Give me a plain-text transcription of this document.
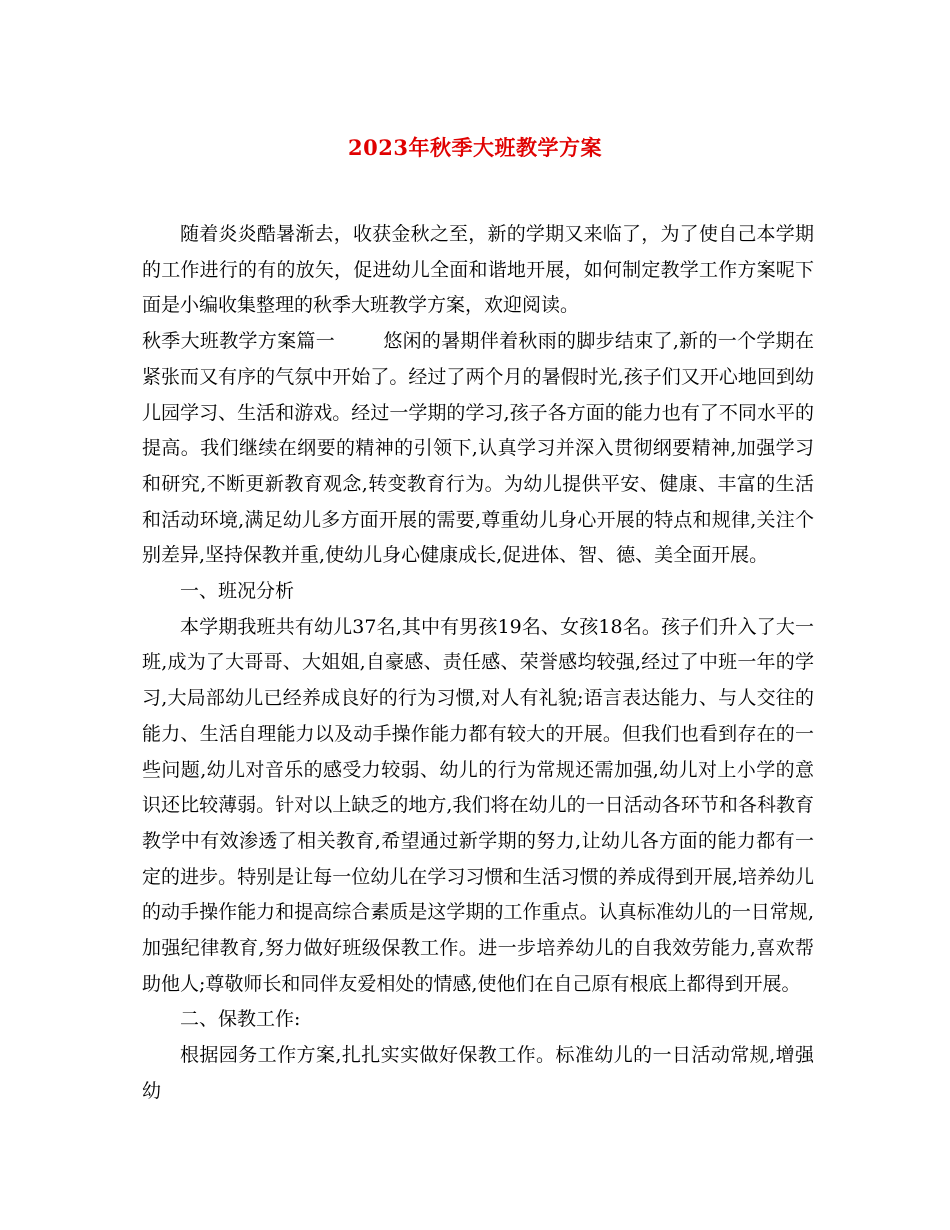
2023年秋季大班教学方案

随着炎炎酷暑渐去，收获金秋之至，新的学期又来临了，为了使自己本学期的工作进行的有的放矢，促进幼儿全面和谐地开展，如何制定教学工作方案呢下面是小编收集整理的秋季大班教学方案，欢迎阅读。

秋季大班教学方案篇一	悠闲的暑期伴着秋雨的脚步结束了,新的一个学期在紧张而又有序的气氛中开始了。经过了两个月的暑假时光,孩子们又开心地回到幼儿园学习、生活和游戏。经过一学期的学习,孩子各方面的能力也有了不同水平的提高。我们继续在纲要的精神的引领下,认真学习并深入贯彻纲要精神,加强学习和研究,不断更新教育观念,转变教育行为。为幼儿提供平安、健康、丰富的生活和活动环境,满足幼儿多方面开展的需要,尊重幼儿身心开展的特点和规律,关注个别差异,坚持保教并重,使幼儿身心健康成长,促进体、智、德、美全面开展。

一、班况分析

本学期我班共有幼儿37名,其中有男孩19名、女孩18名。孩子们升入了大一班,成为了大哥哥、大姐姐,自豪感、责任感、荣誉感均较强,经过了中班一年的学习,大局部幼儿已经养成良好的行为习惯,对人有礼貌;语言表达能力、与人交往的能力、生活自理能力以及动手操作能力都有较大的开展。但我们也看到存在的一些问题,幼儿对音乐的感受力较弱、幼儿的行为常规还需加强,幼儿对上小学的意识还比较薄弱。针对以上缺乏的地方,我们将在幼儿的一日活动各环节和各科教育教学中有效渗透了相关教育,希望通过新学期的努力,让幼儿各方面的能力都有一定的进步。特别是让每一位幼儿在学习习惯和生活习惯的养成得到开展,培养幼儿的动手操作能力和提高综合素质是这学期的工作重点。认真标准幼儿的一日常规,加强纪律教育,努力做好班级保教工作。进一步培养幼儿的自我效劳能力,喜欢帮助他人;尊敬师长和同伴友爱相处的情感,使他们在自己原有根底上都得到开展。

二、保教工作:

根据园务工作方案,扎扎实实做好保教工作。标准幼儿的一日活动常规,增强幼
